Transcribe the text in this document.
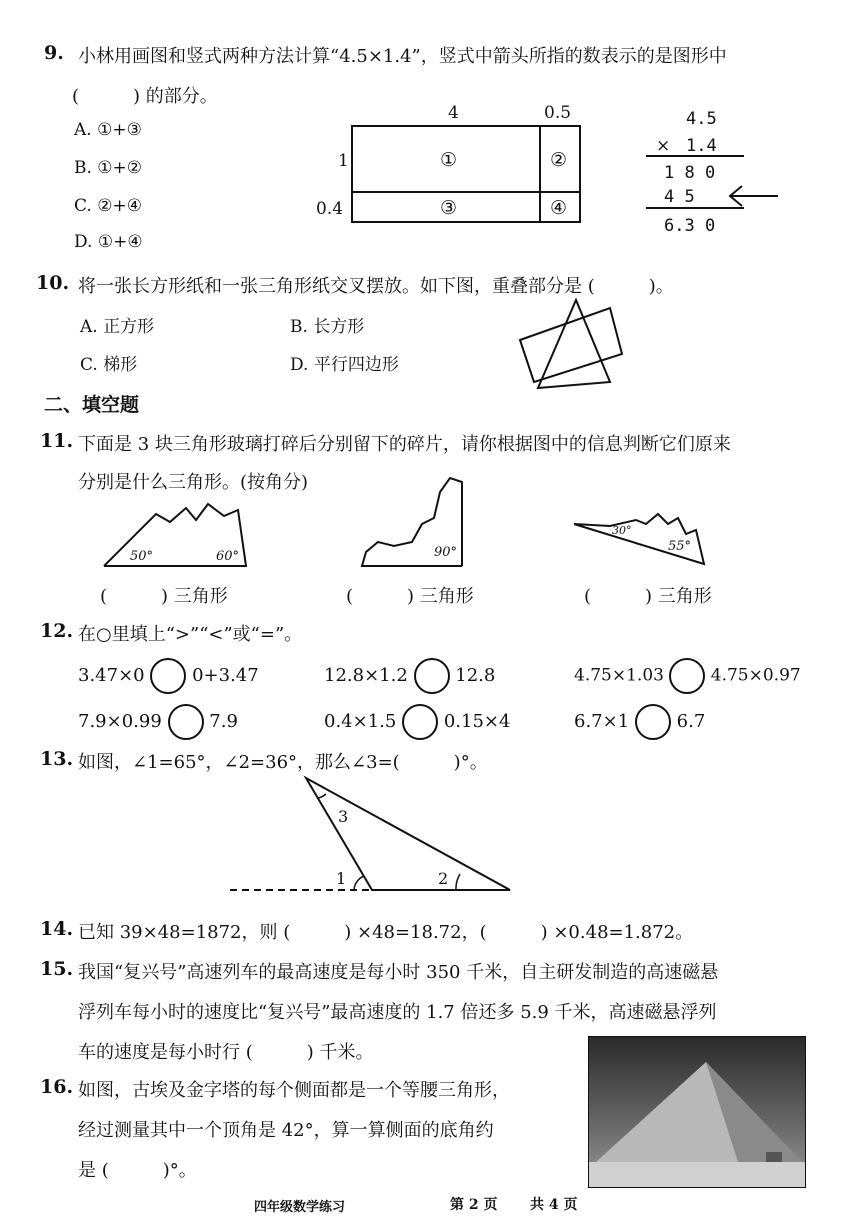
9. 小林用画图和竖式两种方法计算“4.5×1.4”，竖式中箭头所指的数表示的是图形中
(　　　) 的部分。
A. ①+③
B. ①+②
C. ②+④
D. ①+④
4	0.5
1
0.4
①	②
③	④
4.5
× 1.4
1 8 0
4 5
6.3 0
10. 将一张长方形纸和一张三角形纸交叉摆放。如下图，重叠部分是 (　　　)。
A. 正方形	B. 长方形
C. 梯形	D. 平行四边形
二、填空题
11. 下面是 3 块三角形玻璃打碎后分别留下的碎片，请你根据图中的信息判断它们原来
分别是什么三角形。(按角分)
50°	60°	90°
30°
55°
(　　　) 三角形	(　　　) 三角形	(　　　) 三角形
12. 在○里填上“>”“<”或“=”。
3.47×0	0+3.47	12.8×1.2	12.8	4.75×1.03	4.75×0.97
7.9×0.99	7.9	0.4×1.5	0.15×4	6.7×1	6.7
13. 如图，∠1=65°，∠2=36°，那么∠3=(　　　)°。
1	2
3
14. 已知 39×48=1872，则 (　　　) ×48=18.72，(　　　) ×0.48=1.872。
15. 我国“复兴号”高速列车的最高速度是每小时 350 千米，自主研发制造的高速磁悬
浮列车每小时的速度比“复兴号”最高速度的 1.7 倍还多 5.9 千米，高速磁悬浮列
车的速度是每小时行 (　　　) 千米。
16. 如图，古埃及金字塔的每个侧面都是一个等腰三角形，
经过测量其中一个顶角是 42°，算一算侧面的底角约
是 (　　　)°。
四年级数学练习	第 2 页 共 4 页
